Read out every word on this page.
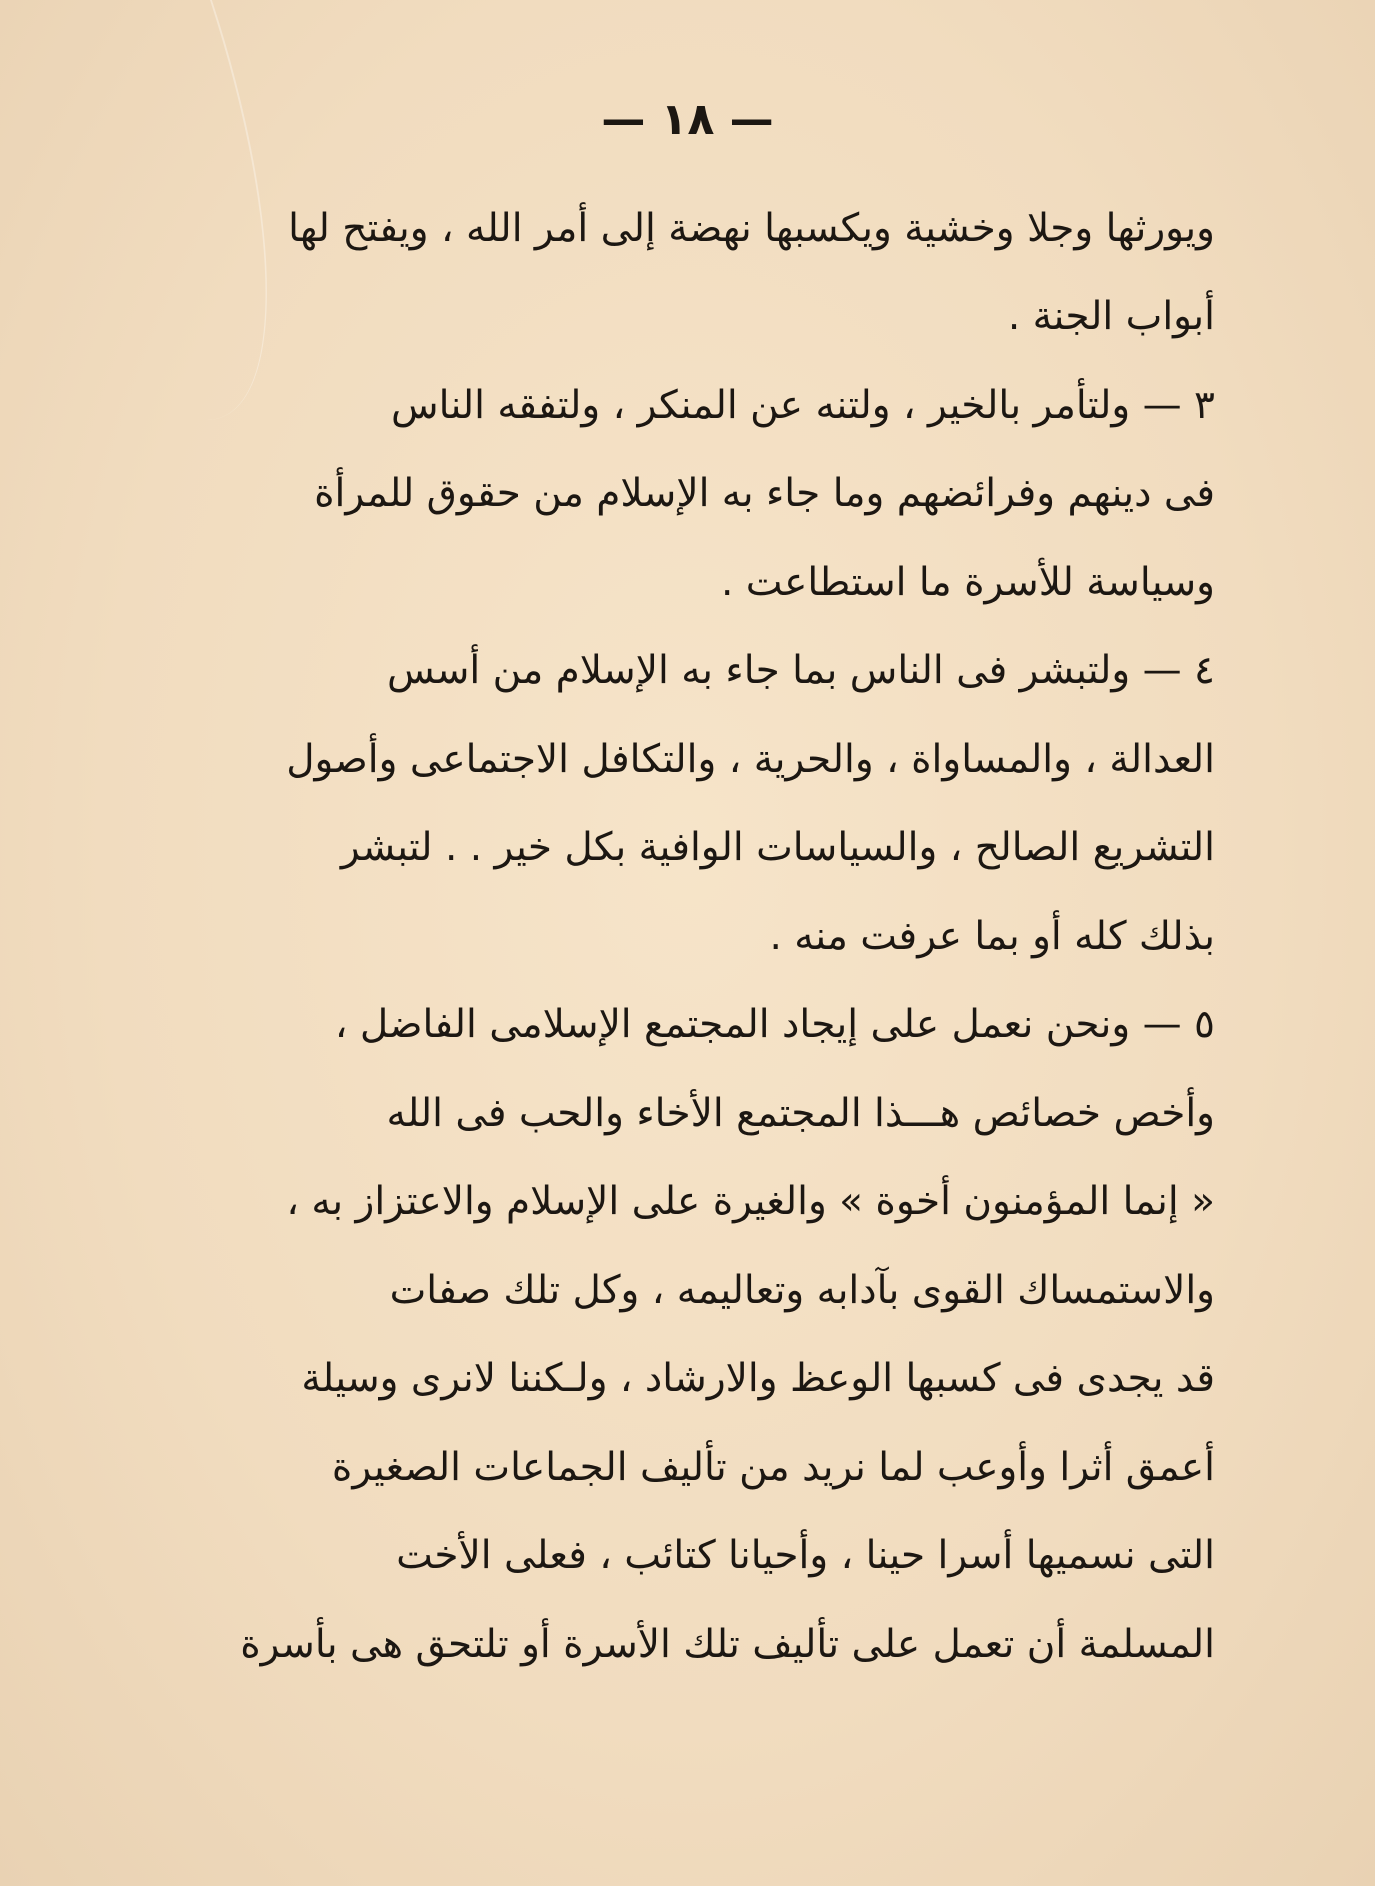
— ١٨ —
ويورثها وجلا وخشية ويكسبها نهضة إلى أمر الله ، ويفتح لها
أبواب الجنة .
٣ — ولتأمر بالخير ، ولتنه عن المنكر ، ولتفقه الناس
فى دينهم وفرائضهم وما جاء به الإسلام من حقوق للمرأة
وسياسة للأسرة ما استطاعت .
٤ — ولتبشر فى الناس بما جاء به الإسلام من أسس
العدالة ، والمساواة ، والحرية ، والتكافل الاجتماعى وأصول
التشريع الصالح ، والسياسات الوافية بكل خير . . لتبشر
بذلك كله أو بما عرفت منه .
٥ — ونحن نعمل على إيجاد المجتمع الإسلامى الفاضل ،
وأخص خصائص هـــذا المجتمع الأخاء والحب فى الله
« إنما المؤمنون أخوة » والغيرة على الإسلام والاعتزاز به ،
والاستمساك القوى بآدابه وتعاليمه ، وكل تلك صفات
قد يجدى فى كسبها الوعظ والارشاد ، ولـكننا لانرى وسيلة
أعمق أثرا وأوعب لما نريد من تأليف الجماعات الصغيرة
التى نسميها أسرا حينا ، وأحيانا كتائب ، فعلى الأخت
المسلمة أن تعمل على تأليف تلك الأسرة أو تلتحق هى بأسرة
